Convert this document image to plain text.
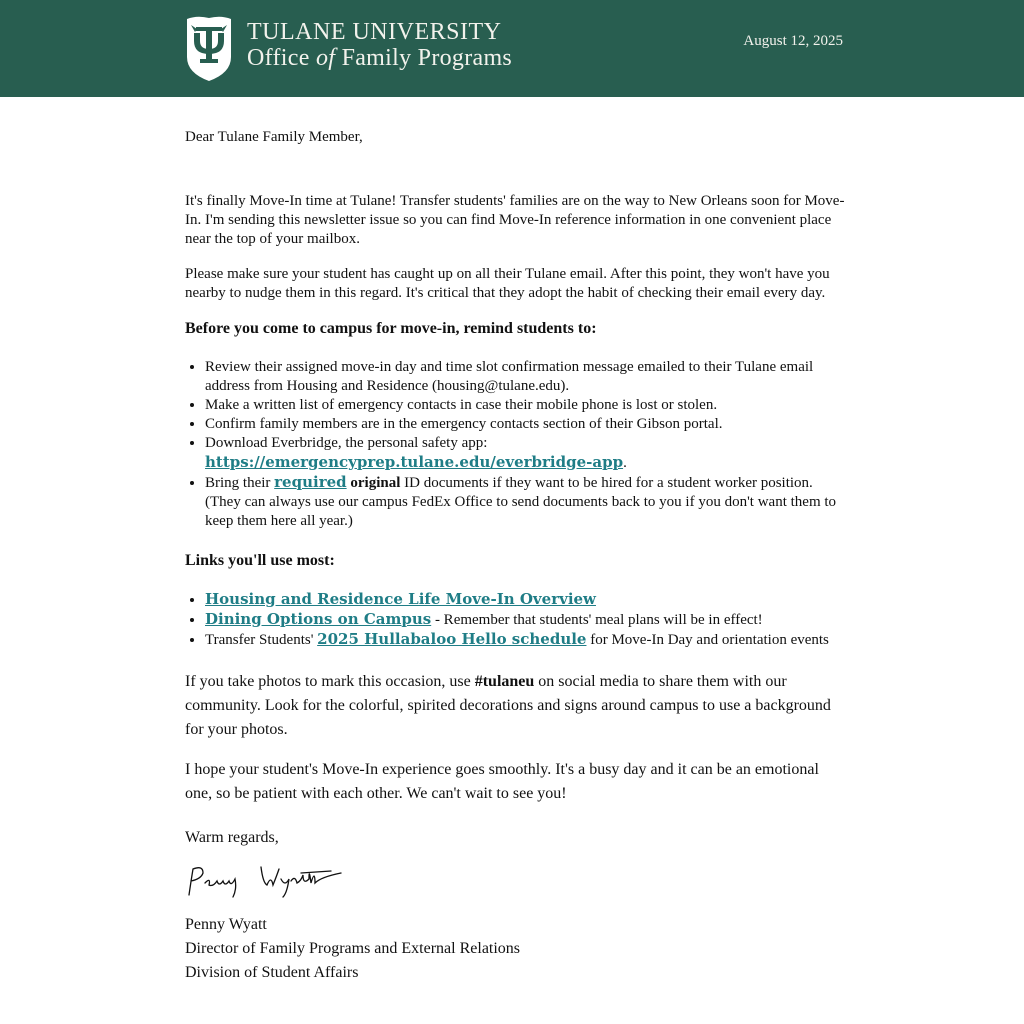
TULANE UNIVERSITY
Office of Family Programs
August 12, 2025

Dear Tulane Family Member,

It's finally Move-In time at Tulane! Transfer students' families are on the way to New Orleans soon for Move-In. I'm sending this newsletter issue so you can find Move-In reference information in one convenient place near the top of your mailbox.

Please make sure your student has caught up on all their Tulane email. After this point, they won't have you nearby to nudge them in this regard. It's critical that they adopt the habit of checking their email every day.

Before you come to campus for move-in, remind students to:
• Review their assigned move-in day and time slot confirmation message emailed to their Tulane email address from Housing and Residence (housing@tulane.edu).
• Make a written list of emergency contacts in case their mobile phone is lost or stolen.
• Confirm family members are in the emergency contacts section of their Gibson portal.
• Download Everbridge, the personal safety app:
https://emergencyprep.tulane.edu/everbridge-app.
• Bring their required original ID documents if they want to be hired for a student worker position. (They can always use our campus FedEx Office to send documents back to you if you don't want them to keep them here all year.)
Links you'll use most:
• Housing and Residence Life Move-In Overview
• Dining Options on Campus - Remember that students' meal plans will be in effect!
• Transfer Students' 2025 Hullabaloo Hello schedule for Move-In Day and orientation events

If you take photos to mark this occasion, use #tulaneu on social media to share them with our community. Look for the colorful, spirited decorations and signs around campus to use a background for your photos.

I hope your student's Move-In experience goes smoothly. It's a busy day and it can be an emotional one, so be patient with each other. We can't wait to see you!

Warm regards,

Penny Wyatt
Director of Family Programs and External Relations
Division of Student Affairs
